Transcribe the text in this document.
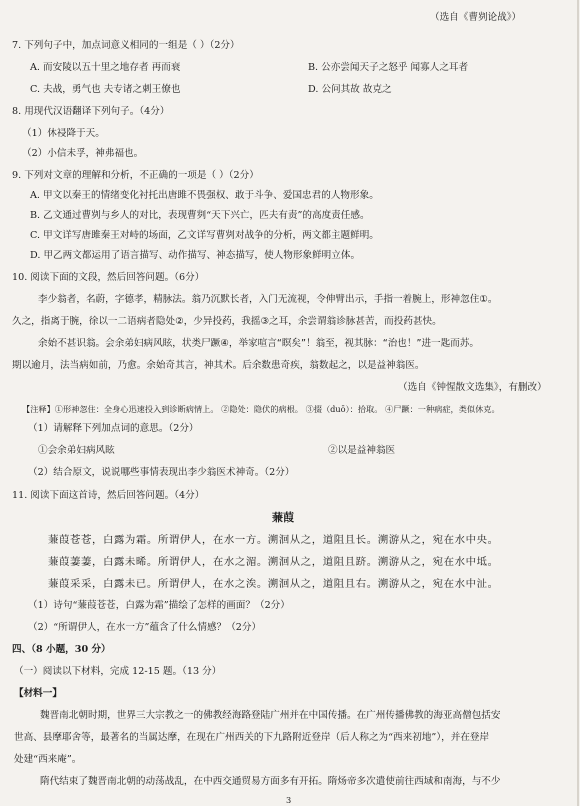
（选自《曹刿论战》）
7. 下列句子中，加点词意义相同的一组是（ ）（2分）
A. 而安陵以五十里之地存者 再而衰	B. 公亦尝闻天子之怒乎 闻寡人之耳者
C. 夫战，勇气也 夫专诸之刺王僚也	D. 公问其故 故克之
8. 用现代汉语翻译下列句子。（4分）
（1）休祲降于天。
（2）小信未孚，神弗福也。
9. 下列对文章的理解和分析，不正确的一项是（ ）（2分）
A. 甲文以秦王的情绪变化衬托出唐雎不畏强权、敢于斗争、爱国忠君的人物形象。
B. 乙文通过曹刿与乡人的对比，表现曹刿“天下兴亡，匹夫有责”的高度责任感。
C. 甲文详写唐雎秦王对峙的场面，乙文详写曹刿对战争的分析，两文都主题鲜明。
D. 甲乙两文都运用了语言描写、动作描写、神态描写，使人物形象鲜明立体。
10. 阅读下面的文段，然后回答问题。（6分）
李少翁者，名蔚，字德孝，精脉法。翁乃沉默长者，入门无流视，令伸臂出示，手指一着腕上，形神忽住①。
久之，指离于腕，徐以一二语病者隐处②，少异投药，我摇③之耳，余尝谓翁诊脉甚苦，而投药甚快。
余始不甚识翁。会余弟妇病风眩，状类尸蹶④，举家喧言“瞑矣”！翁至，视其脉：“治也！”进一匙而苏。
期以逾月，法当病如前，乃愈。余始奇其言，神其术。后余数患奇疾，翁数起之，以是益神翁医。
（选自《钟惺散文选集》，有删改）
【注释】①形神忽住：全身心迅速投入到诊断病情上。 ②隐处：隐伏的病根。 ③掇（duō）：拾取。 ④尸蹶：一种病症，类似休克。
（1）请解释下列加点词的意思。（2分）
①会余弟妇病风眩	②以是益神翁医
（2）结合原文，说说哪些事情表现出李少翁医术神奇。（2分）
11. 阅读下面这首诗，然后回答问题。（4分）
蒹葭
蒹葭苍苍，白露为霜。所谓伊人，在水一方。溯洄从之，道阻且长。溯游从之，宛在水中央。
蒹葭萋萋，白露未晞。所谓伊人，在水之湄。溯洄从之，道阻且跻。溯游从之，宛在水中坻。
蒹葭采采，白露未已。所谓伊人，在水之涘。溯洄从之，道阻且右。溯游从之，宛在水中沚。
（1）诗句“蒹葭苍苍，白露为霜”描绘了怎样的画面？（2分）
（2）“所谓伊人，在水一方”蕴含了什么情感？（2分）
四、（8 小题，30 分）
（一）阅读以下材料，完成 12-15 题。（13 分）
【材料一】
魏晋南北朝时期，世界三大宗教之一的佛教经海路登陆广州并在中国传播。在广州传播佛教的海亚高僧包括安
世高、县摩耶舍等，最著名的当属达摩，在现在广州西关的下九路附近登岸（后人称之为“西来初地”），并在登岸
处建“西来庵”。
隋代结束了魏晋南北朝的动荡战乱，在中西交通贸易方面多有开拓。隋炀帝多次遣使前往西域和南海，与不少
3
